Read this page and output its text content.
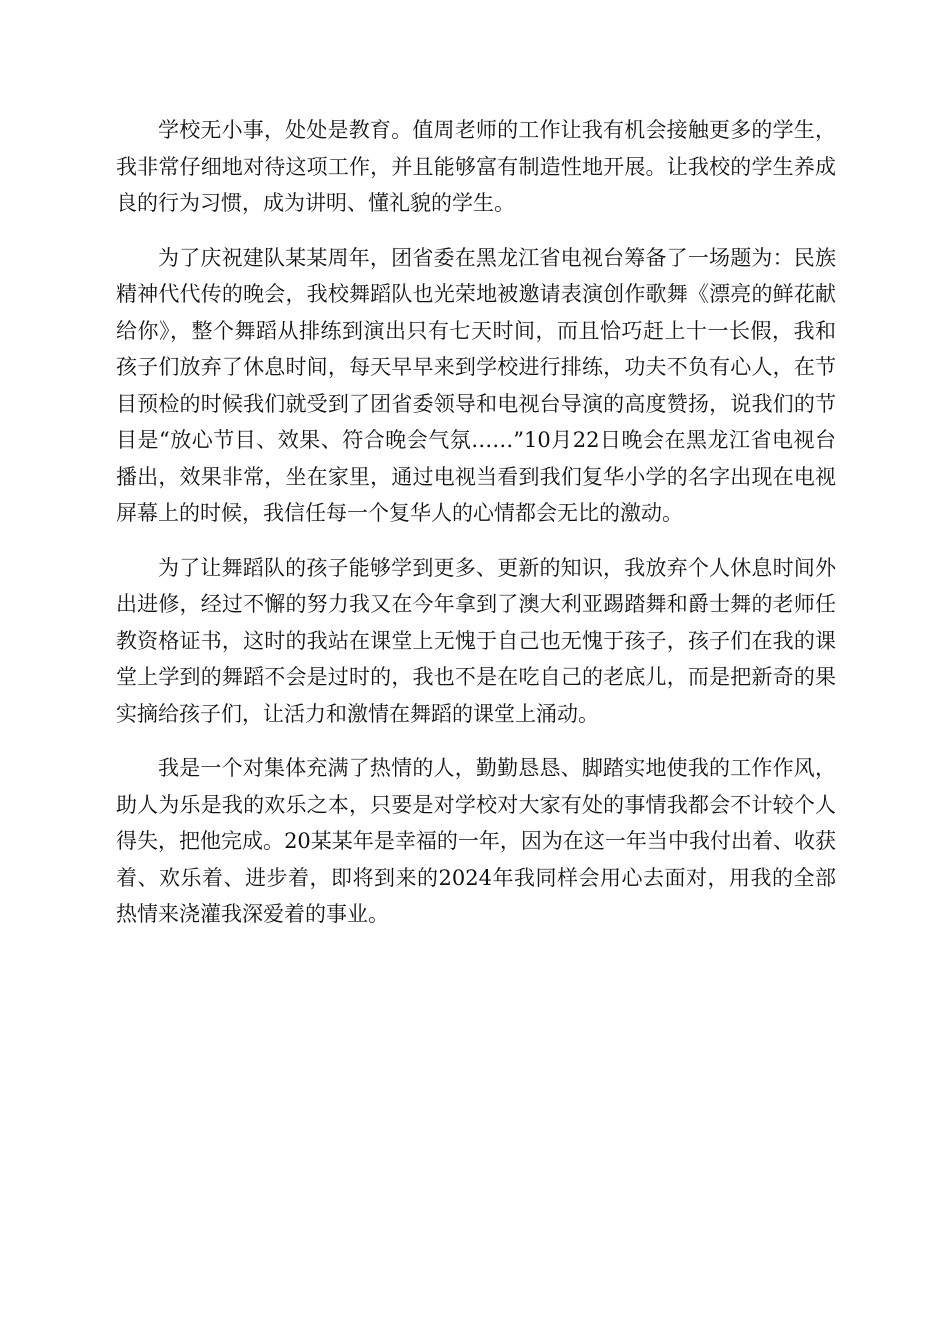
学校无小事，处处是教育。值周老师的工作让我有机会接触更多的学生，我非常仔细地对待这项工作，并且能够富有制造性地开展。让我校的学生养成良的行为习惯，成为讲明、懂礼貌的学生。

为了庆祝建队某某周年，团省委在黑龙江省电视台筹备了一场题为：民族精神代代传的晚会，我校舞蹈队也光荣地被邀请表演创作歌舞《漂亮的鲜花献给你》，整个舞蹈从排练到演出只有七天时间，而且恰巧赶上十一长假，我和孩子们放弃了休息时间，每天早早来到学校进行排练，功夫不负有心人，在节目预检的时候我们就受到了团省委领导和电视台导演的高度赞扬，说我们的节目是“放心节目、效果、符合晚会气氛……”10月22日晚会在黑龙江省电视台播出，效果非常，坐在家里，通过电视当看到我们复华小学的名字出现在电视屏幕上的时候，我信任每一个复华人的心情都会无比的激动。

为了让舞蹈队的孩子能够学到更多、更新的知识，我放弃个人休息时间外出进修，经过不懈的努力我又在今年拿到了澳大利亚踢踏舞和爵士舞的老师任教资格证书，这时的我站在课堂上无愧于自己也无愧于孩子，孩子们在我的课堂上学到的舞蹈不会是过时的，我也不是在吃自己的老底儿，而是把新奇的果实摘给孩子们，让活力和激情在舞蹈的课堂上涌动。

我是一个对集体充满了热情的人，勤勤恳恳、脚踏实地使我的工作作风，助人为乐是我的欢乐之本，只要是对学校对大家有处的事情我都会不计较个人得失，把他完成。20某某年是幸福的一年，因为在这一年当中我付出着、收获着、欢乐着、进步着，即将到来的2024年我同样会用心去面对，用我的全部热情来浇灌我深爱着的事业。
